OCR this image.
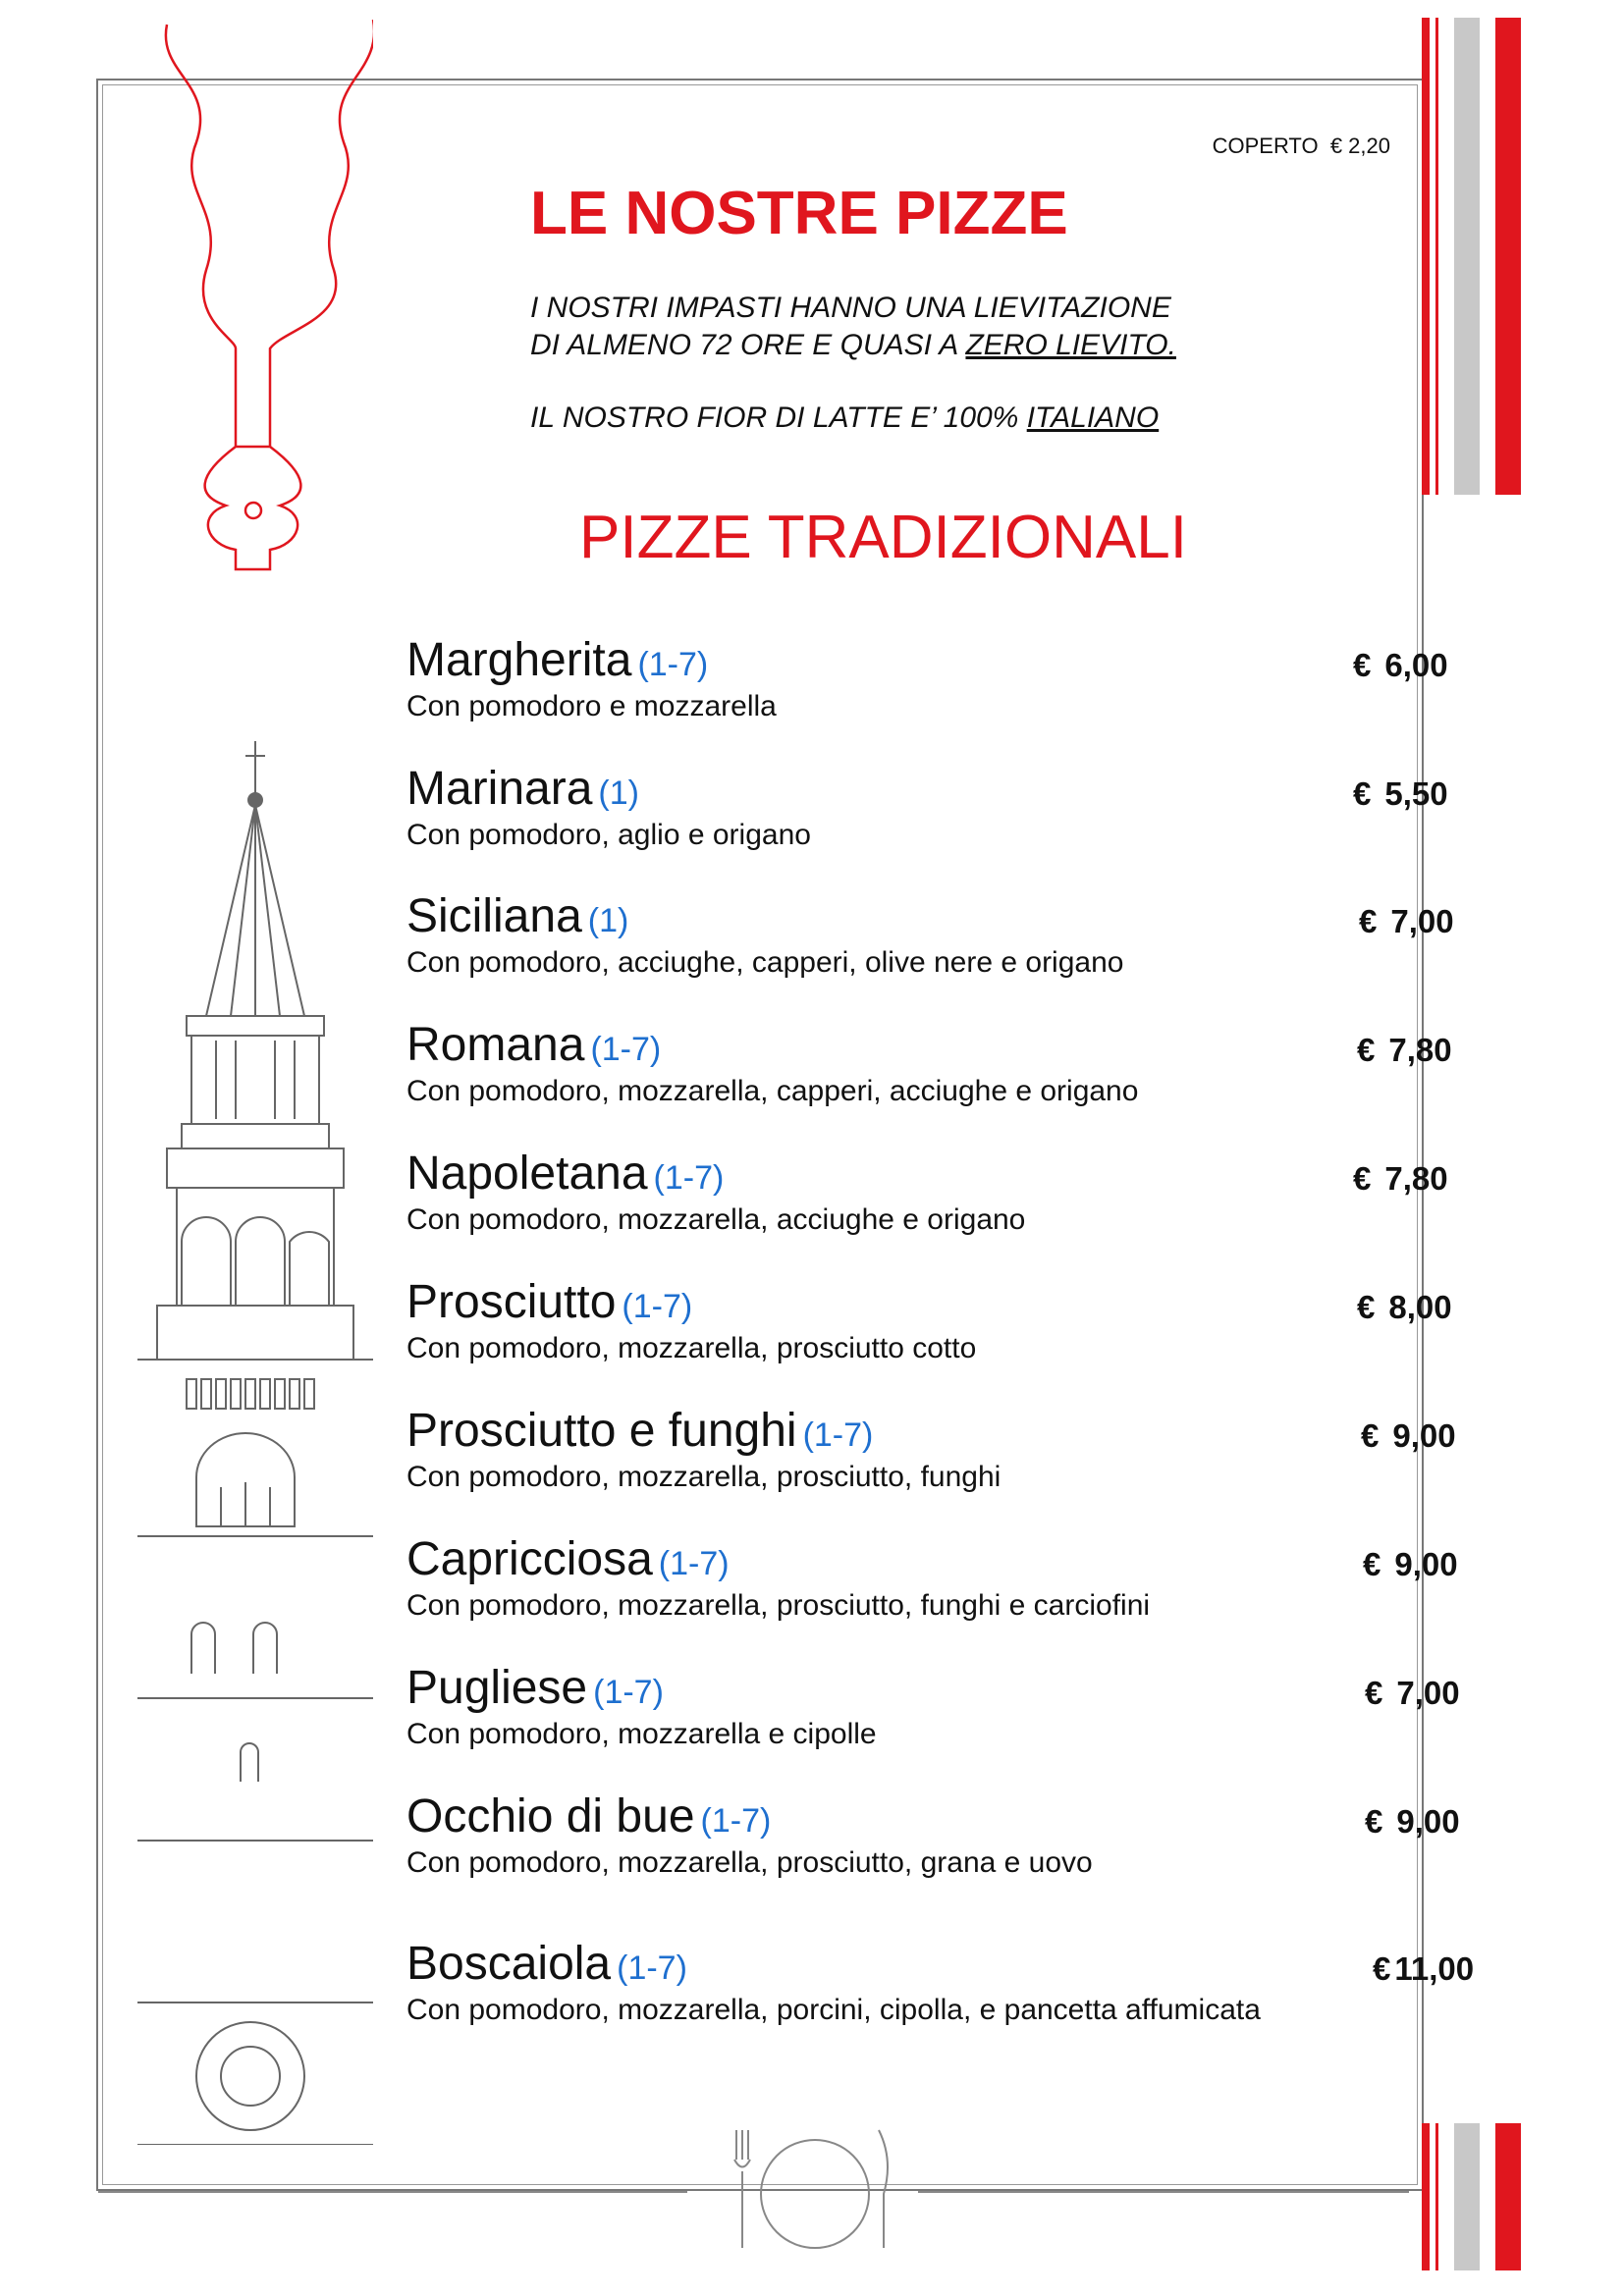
COPERTO € 2,20
LE NOSTRE PIZZE
I NOSTRI IMPASTI HANNO UNA LIEVITAZIONE
DI ALMENO 72 ORE E QUASI A ZERO LIEVITO.
IL NOSTRO FIOR DI LATTE E’ 100% ITALIANO
PIZZE TRADIZIONALI
Margherita (1-7)
Con pomodoro e mozzarella
€ 6,00
Marinara (1)
Con pomodoro, aglio e origano
€ 5,50
Siciliana (1)
Con pomodoro, acciughe, capperi, olive nere e origano
€ 7,00
Romana (1-7)
Con pomodoro, mozzarella, capperi, acciughe e origano
€ 7,80
Napoletana (1-7)
Con pomodoro, mozzarella, acciughe e origano
€ 7,80
Prosciutto (1-7)
Con pomodoro, mozzarella, prosciutto cotto
€ 8,00
Prosciutto e funghi (1-7)
Con pomodoro, mozzarella, prosciutto, funghi
€ 9,00
Capricciosa (1-7)
Con pomodoro, mozzarella, prosciutto, funghi e carciofini
€ 9,00
Pugliese (1-7)
Con pomodoro, mozzarella e cipolle
€ 7,00
Occhio di bue (1-7)
Con pomodoro, mozzarella, prosciutto, grana e uovo
€ 9,00
Boscaiola (1-7)
Con pomodoro, mozzarella, porcini, cipolla, e pancetta affumicata
€ 11,00
